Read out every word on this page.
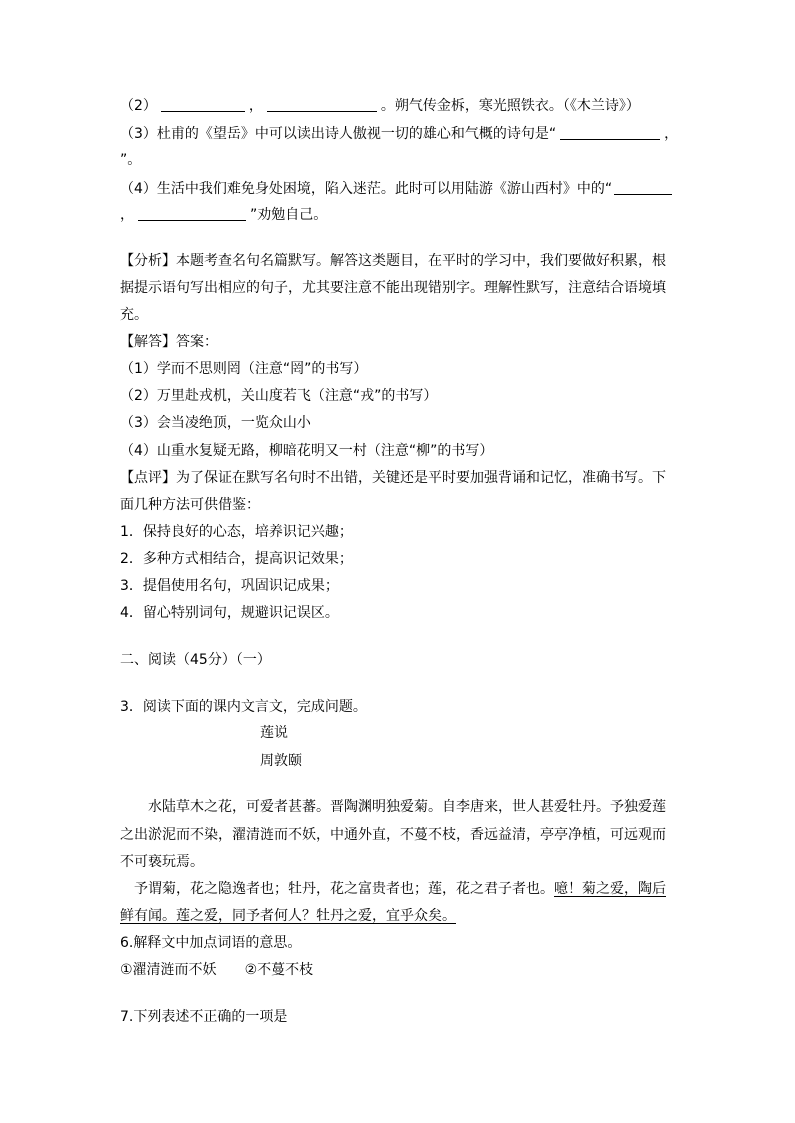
（2）	，	。朔气传金柝，寒光照铁衣。（《木兰诗》）
（3）杜甫的《望岳》中可以读出诗人傲视一切的雄心和气概的诗句是“	，
”。
（4）生活中我们难免身处困境，陷入迷茫。此时可以用陆游《游山西村》中的“
，	”劝勉自己。
【分析】本题考查名句名篇默写。解答这类题目，在平时的学习中，我们要做好积累，根
据提示语句写出相应的句子，尤其要注意不能出现错别字。理解性默写，注意结合语境填
充。
【解答】答案：
（1）学而不思则罔（注意“罔”的书写）
（2）万里赴戎机，关山度若飞（注意“戎”的书写）
（3）会当凌绝顶，一览众山小
（4）山重水复疑无路，柳暗花明又一村（注意“柳”的书写）
【点评】为了保证在默写名句时不出错，关键还是平时要加强背诵和记忆，准确书写。下
面几种方法可供借鉴：
1．保持良好的心态，培养识记兴趣；
2．多种方式相结合，提高识记效果；
3．提倡使用名句，巩固识记成果；
4．留心特别词句，规避识记误区。
二、阅读（45分）（一）
3．阅读下面的课内文言文，完成问题。
莲说
周敦颐
水陆草木之花，可爱者甚蕃。晋陶渊明独爱菊。自李唐来，世人甚爱牡丹。予独爱莲
之出淤泥而不染，濯清涟而不妖，中通外直，不蔓不枝，香远益清，亭亭净植，可远观而
不可亵玩焉。
予谓菊，花之隐逸者也；牡丹，花之富贵者也；莲，花之君子者也。噫！菊之爱，陶后
鲜有闻。莲之爱，同予者何人？牡丹之爱，宜乎众矣。
6.解释文中加点词语的意思。
①濯清涟而不妖 ②不蔓不枝
7.下列表述不正确的一项是
